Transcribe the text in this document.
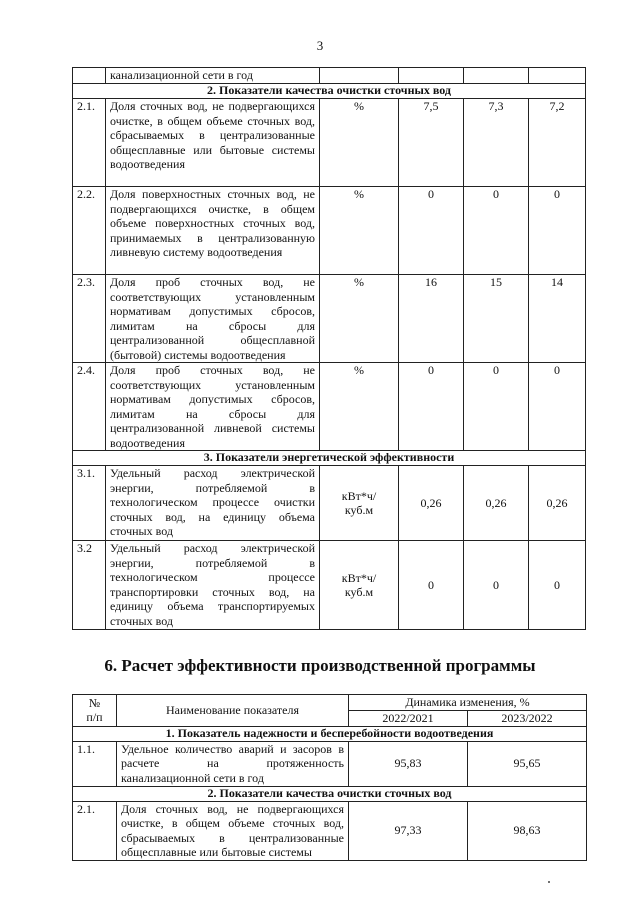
3
	канализационной сети в год				
2. Показатели качества очистки сточных вод					
2.1.	Доля сточных вод, не подвергающихся очистке, в общем объеме сточных вод, сбрасываемых в централизованные общесплавные или бытовые системы водоотведения	%	7,5	7,3	7,2
2.2.	Доля поверхностных сточных вод, не подвергающихся очистке, в общем объеме поверхностных сточных вод, принимаемых в централизованную ливневую систему водоотведения	%	0	0	0
2.3.	Доля проб сточных вод, не соответствующих установленным нормативам допустимых сбросов, лимитам на сбросы для централизованной общесплавной (бытовой) системы водоотведения	%	16	15	14
2.4.	Доля проб сточных вод, не соответствующих установленным нормативам допустимых сбросов, лимитам на сбросы для централизованной ливневой системы водоотведения	%	0	0	0
3. Показатели энергетической эффективности					
3.1.	Удельный расход электрической энергии, потребляемой в технологическом процессе очистки сточных вод, на единицу объема сточных вод	кВт*ч/
куб.м	0,26	0,26	0,26
3.2	Удельный расход электрической энергии, потребляемой в технологическом процессе транспортировки сточных вод, на единицу объема транспортируемых сточных вод	кВт*ч/
куб.м	0	0	0
6. Расчет эффективности производственной программы
№
п/п	Наименование показателя	Динамика изменения, %	
		2022/2021	2023/2022
1. Показатель надежности и бесперебойности водоотведения			
1.1.	Удельное количество аварий и засоров в расчете на протяженность канализационной сети в год	95,83	95,65
2. Показатели качества очистки сточных вод			
2.1.	Доля сточных вод, не подвергающихся очистке, в общем объеме сточных вод, сбрасываемых в централизованные общесплавные или бытовые системы	97,33	98,63
